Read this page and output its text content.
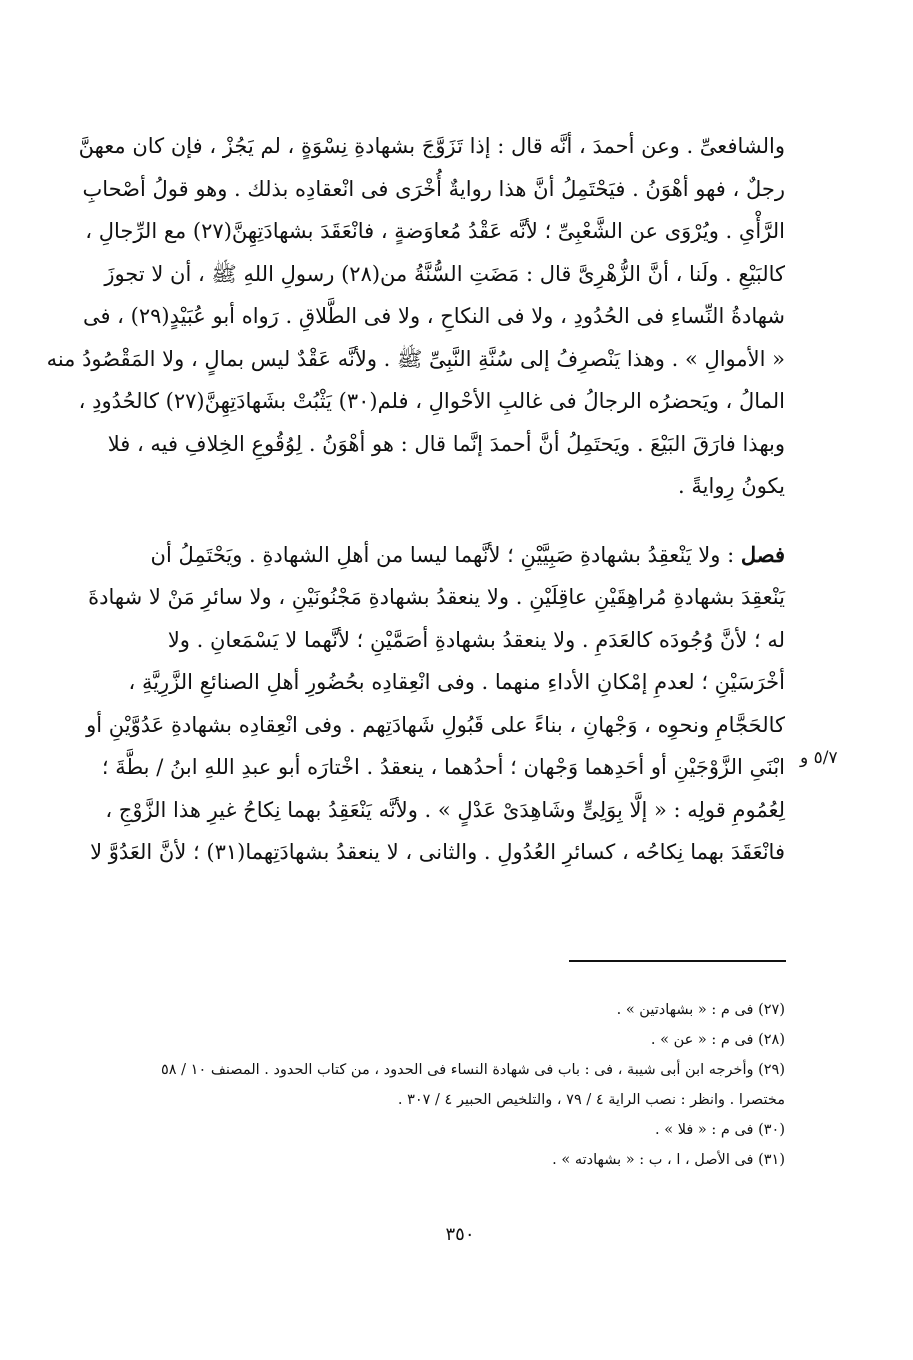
والشافعىِّ . وعن أحمدَ ، أنَّه قال : إذا تَزَوَّجَ بشهادةِ نِسْوَةٍ ، لم يَجُزْ ، فإن كان معهنَّ
رجلٌ ، فهو أهْوَنُ . فيَحْتَمِلُ أنَّ هذا روايةٌ أُخْرَى فى انْعقادِه بذلك . وهو قولُ أصْحابِ
الرَّأْىِ . ويُرْوَى عن الشَّعْبِىِّ ؛ لأنَّه عَقْدُ مُعاوَضةٍ ، فانْعَقَدَ بشهادَتِهِنَّ(٢٧) مع الرِّجالِ ،
كالبَيْعِ . ولَنا ، أنَّ الزُّهْرِىَّ قال : مَضَتِ السُّنَّةُ من(٢٨) رسولِ اللهِ ﷺ ، أن لا تجوزَ
شهادةُ النِّساءِ فى الحُدُودِ ، ولا فى النكاحِ ، ولا فى الطَّلاقِ . رَواه أبو عُبَيْدٍ(٢٩) ، فى
« الأموالِ » . وهذا يَنْصرِفُ إلى سُنَّةِ النَّبِىِّ ﷺ . ولأنَّه عَقْدٌ ليس بمالٍ ، ولا المَقْصُودُ منه
المالُ ، ويَحضرُه الرجالُ فى غالبِ الأحْوالِ ، فلم(٣٠) يَثْبُتْ بشَهادَتِهِنَّ(٢٧) كالحُدُودِ ،
وبهذا فارَقَ البَيْعَ . ويَحتَمِلُ أنَّ أحمدَ إنَّما قال : هو أهْوَنُ . لِوُقُوعِ الخِلافِ فيه ، فلا
يكونُ رِوايةً .

فصل : ولا يَنْعقِدُ بشهادةِ صَبِيَّيْنِ ؛ لأنَّهما ليسا من أهلِ الشهادةِ . ويَحْتَمِلُ أن
يَنْعقِدَ بشهادةِ مُراهِقَيْنِ عاقِلَيْنِ . ولا ينعقدُ بشهادةِ مَجْنُونَيْنِ ، ولا سائرِ مَنْ لا شهادةَ
له ؛ لأنَّ وُجُودَه كالعَدَمِ . ولا ينعقدُ بشهادةِ أصَمَّيْنِ ؛ لأنَّهما لا يَسْمَعانِ . ولا
أخْرَسَيْنِ ؛ لعدمِ إمْكانِ الأداءِ منهما . وفى انْعِقادِه بحُضُورِ أهلِ الصنائعِ الزَّرِيَّةِ ،
كالحَجَّامِ ونحوِه ، وَجْهانِ ، بناءً على قَبُولِ شَهادَتِهم . وفى انْعِقادِه بشهادةِ عَدُوَّيْنِ أو
ابْنَىِ الزَّوْجَيْنِ أو أحَدِهما وَجْهان ؛ أحدُهما ، ينعقدُ . اخْتارَه أبو عبدِ اللهِ ابنُ / بطَّةَ ؛
لِعُمُومِ قولِه : « إلَّا بِوَلِىٍّ وشَاهِدَىْ عَدْلٍ » . ولأنَّه يَنْعَقِدُ بهما نِكاحُ غيرِ هذا الزَّوْجِ ،
فانْعَقَدَ بهما نِكاحُه ، كسائرِ العُدُولِ . والثانى ، لا ينعقدُ بشهادَتِهما(٣١) ؛ لأنَّ العَدُوَّ لا

٥/٧ و

(٢٧) فى م : « بشهادتين » .

(٢٨) فى م : « عن » .

(٢٩) وأخرجه ابن أبى شيبة ، فى : باب فى شهادة النساء فى الحدود ، من كتاب الحدود . المصنف ١٠ / ٥٨

مختصرا . وانظر : نصب الراية ٤ / ٧٩ ، والتلخيص الحبير ٤ / ٣٠٧ .

(٣٠) فى م : « فلا » .

(٣١) فى الأصل ، ا ، ب : « بشهادته » .

٣٥٠
